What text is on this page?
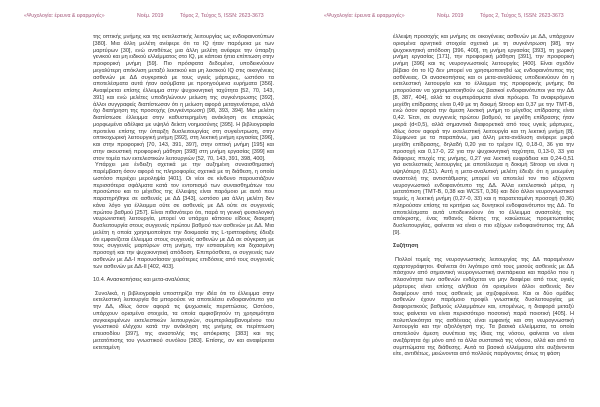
«Ψυχολογία: έρευνα & εφαρμογές»	Νοέμ. 2019	Τόμος 2, Τεύχος 5, ISSN: 2623-3673

της οπτικής μνήμης και της εκτελεστικής λειτουργίας ως ενδοφαινοτύπων [380]. Μια άλλη μελέτη ανέφερε ότι τα IQ ήταν παρόμοια με των μαρτύρων [30], ενώ αντιθέτως μια άλλη μελέτη ανέφερε την ύπαρξη γενικού και μη ειδικού ελλείμματος στο IQ, με κάποια ήπια επίπτωση στην προφορική μνήμη [59]. Πιο πρόσφατα δεδομένα, υποδεικνύουν μεγαλύτερη απόκλιση μεταξύ λεκτικού και μη λεκτικού IQ στις οικογένειες ασθενών με ΔΔ συγκριτικά με τους υγιείς μάρτυρες, ωστόσο τα αποτελέσματα αυτά ήταν ασύμβατα με προηγούμενα ευρήματα [356]. Αναφέρεται επίσης έλλειμμα στην ψυχοκινητική ταχύτητα [52, 70, 143, 391] και ενώ μελέτες υποδηλώνουν μείωση της συγκέντρωσης [392], άλλοι συγγραφείς διαπίστωσαν ότι η μείωση αφορά μεταγενέστερα, αλλά όχι διατήρηση της προσοχής (συγκέντρωση) [98, 393, 394]. Μια μελέτη διαπίστωσε έλλειμμα στην καθυστερημένη ανάκληση σε επαρκώς μορφωμένα αδέλφια με υψηλό δείκτη νοημοσύνης [395]. Η βιβλιογραφία προτείνει επίσης την ύπαρξη δυσλειτουργίας στη συγκέντρωση, στην οπτικοχωρική λειτουργική μνήμη [392], στη λεκτική μνήμη εργασίας [396], και στην προφορική [70, 143, 391, 397], στην οπτική μνήμη [195] και στην ακουστική προφορική μάθηση [398] στη μνήμη εργασίας [399] και στον τομέα των εκτελεστικών λειτουργιών [52, 70, 143, 391, 398, 400].

Υπάρχει μια ένδειξη σχετικά με την αυξημένη συναισθηματική παρέμβαση όσον αφορά τις πληροφορίες σχετικά με τη διάθεση, η οποία ωστόσο περιέχει μεροληψία [401]. Οι νέοι σε κίνδυνο παρουσιάζουν περισσότερα σφάλματα κατά τον εντοπισμό των συναισθημάτων του προσώπου και το μέγεθος της έλλειψης είναι παρόμοιο με αυτό που παρατηρήθηκε σε ασθενείς με ΔΔ [343], ωστόσο μια άλλη μελέτη δεν κάνει λόγο για έλλειμμα ούτε σε ασθενείς με ΔΔ ούτε σε συγγενείς πρώτου βαθμού [257]. Είναι πιθανότερο ότι, παρά τη γενική φυσιολογική νευρωνιστική λειτουργία, μπορεί να υπάρχει κάποιου είδους διακριτή δυσλειτουργία στους συγγενείς πρώτου βαθμού των ασθενών με ΔΔ. Μια μελέτη η οποία χρησιμοποίησε την δοκιμασία της L-τριπτοφάνης έδειξε ότι εμφανίζεται έλλειμμα στους συγγενείς ασθενών με ΔΔ σε σύγκριση με τους συγγενείς μαρτύρων στη μνήμη, την εστιασμένη και διχασμένη προσοχή και την ψυχοκινητική απόδοση. Επιπρόσθετα, οι συγγενείς των ασθενών με ΔΔ-Ι παρουσίασαν χειρότερες επιδόσεις από τους συγγενείς των ασθενών με ΔΔ-ΙΙ [402, 403].

10.4. Ανασκοπήσεις και μετα-αναλύσεις

Συνολικά, η βιβλιογραφία υποστηρίζει την ιδέα ότι το έλλειμμα στην εκτελεστική λειτουργία θα μπορούσε να αποτελέσει ενδοφαινότυπο για την ΔΔ, ιδίως όσον αφορά τις ψυχωσικές περιπτώσεις. Ωστόσο, υπάρχουν ορισμένα στοιχεία, τα οποία αμφισβητούν τη χρησιμότητα συγκεκριμένων εκτελεστικών λειτουργιών, συμπεριλαμβανομένου του γνωστικού ελέγχου κατά την ανάκληση της μνήμης σε περίπτωση επεισοδίου [397], της αναστολής της απόκρισης [383] και της μετατόπισης του γνωστικού συνόλου [383]. Επίσης, αν και αναφέρεται εκτεταμένη

«Ψυχολογία: έρευνα & εφαρμογές»	Νοέμ. 2019	Τόμος 2, Τεύχος 5, ISSN: 2623-3673

έλλειψη προσοχής και μνήμης σε οικογένειες ασθενών με ΔΔ, υπάρχουν ορισμένα αρνητικά στοιχεία σχετικά με τη συγκέντρωση [98], την ψυχοκινητική απόδοση [396, 400], τη μνήμη εργασίας [393], τη χωρική μνήμη εργασίας [171], την προφορική μάθηση [391], την προφορική μνήμη [396] και τις νευρογνωστικές λειτουργίες [400]. Είναι σχεδόν βέβαιο ότι το IQ δεν μπορεί να χρησιμοποιηθεί ως ενδοφαινότυπος της ασθένειας. Οι ανασκοπήσεις και οι μετα-αναλύσεις υποδεικνύουν ότι η εκτελεστική λειτουργία και το έλλειμμα της προφορικής μνήμης θα μπορούσαν να χρησιμοποιηθούν ως βασικοί ενδοφαινότυποι για την ΔΔ [8, 387, 404], αλλά τα συμπεράσματα είναι πρόωρα. Τα αναφερόμενα μεγέθη επίδρασης είναι 0,49 με τη δοκιμή Stroop και 0,37 με την TMT-B, ενώ όσον αφορά την άμεση λεκτική μνήμη το μέγεθος επίδρασης είναι 0,42. Έτσι, σε συγγενείς πρώτου βαθμού, τα μεγέθη επίδρασης ήταν μικρά (d<0,5), αλλά σημαντικά διαφορετικά από τους υγιείς μάρτυρες, ιδίως όσον αφορά την εκτελεστική λειτουργία και τη λεκτική μνήμη [8]. Σύμφωνα με τα παραπάνω, μια άλλη μετα-ανάλυση ανέφερε μικρά μεγέθη επίδρασης, δηλαδή 0,20 για το τρέχον IQ, 0,18-0, 36 για την προσοχή και 0,17-0, 22 για την ψυχοκινητική ταχύτητα, 0,13-0, 33 για διάφορες πτυχές της μνήμης, 0,27 για λεκτική ευφράδεια και 0,24-0,51 για εκτελεστικές λειτουργίες με αποτέλεσμα η δοκιμή Stroop να είναι η υψηλότερη (0,51). Αυτή η μετα-αναλυτική μελέτη έδειξε ότι η μειωμένη αναστολή της αντιστάθμισης μπορεί να αποτελεί τον πιο εξέχοντα νευρογνωστικό ενδοφαινότυπο της ΔΔ. Άλλα εκτελεστικά μέτρα, η μετατόπιση (TMT-B, 0,38 και WCST, 0,36) και δύο άλλοι νευρογνωστικοί τομείς, η λεκτική μνήμη (0,27-0, 33) και η παρατεταμένη προσοχή (0,36) πληρούσαν επίσης τα κριτήρια ως δυνητικοί ενδοφαινότυποι της ΔΔ. Τα αποτελέσματα αυτά υποδεικνύουν ότι το έλλειμμα αναστολής της απόκρισης, ένας πιθανός δείκτης της κακώσεως προμετωπιαίας δυσλειτουργίας, φαίνεται να είναι ο πιο εξέχων ενδοφαινότυπος της ΔΔ [9].

Συζήτηση

Πολλοί τομείς της νευρογνωστικής λειτουργίας της ΔΔ παραμένουν αχαρτογράφητοι. Φαίνεται ότι λιγότερο από τους μισούς ασθενείς με ΔΔ πάσχουν από σημαντική νευρογνωστική ανεπάρκεια και παρόλο που η πλειονότητα των ασθενών ενδέχεται να μην διαφέρει από τους υγιείς μάρτυρες είναι επίσης αλήθεια ότι ορισμένοι άλλοι ασθενείς δεν διαφέρουν από τους ασθενείς με σχιζοφρένεια. Και οι δύο ομάδες ασθενών έχουν παρόμοιο προφίλ γνωστικής δυσλειτουργίας με διαφορετικούς βαθμούς ελλειμμάτων και, επομένως, η διαφορά μεταξύ τους φαίνεται να είναι περισσότερο ποσοτική παρά ποιοτική [405]. Η πολυπλοκότητα της ασθένειας είναι εμφανής και στη νευρογνωστική λειτουργία και την αξιολόγησή της. Τα βασικά ελλείμματα, τα οποία αποτελούν άμεση συνέπεια της ίδιας της νόσου, φαίνεται να είναι ανεξάρτητα όχι μόνο από τα άλλα συστατικά της νόσου, αλλά και από τα συμπτώματα της διάθεσης. Αυτά τα βασικά ελλείμματα είτε αυξάνονται είτε, αντιθέτως, μειώνονται από πολλούς παράγοντες όπως τη φάση
